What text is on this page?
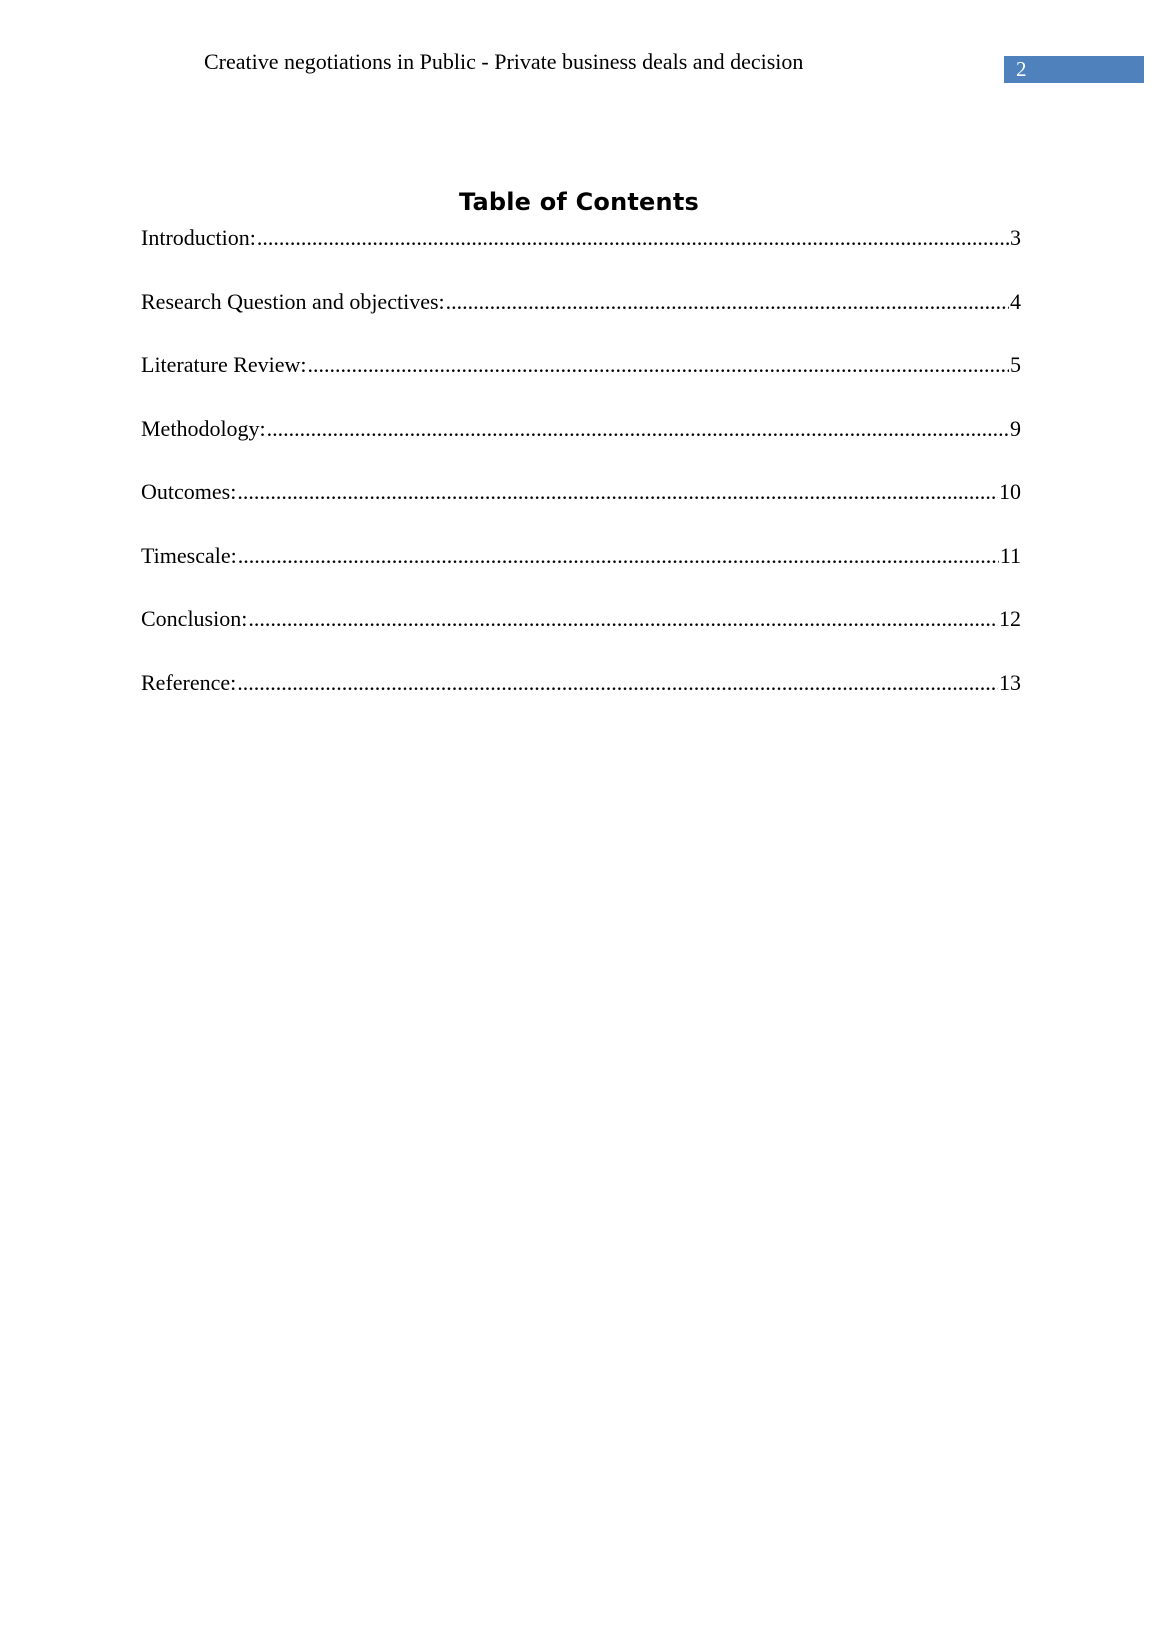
Creative negotiations in Public - Private business deals and decision	2
Table of Contents
Introduction: .....	3
Research Question and objectives: .....	4
Literature Review: .....	5
Methodology: .....	9
Outcomes: .....	10
Timescale: .....	11
Conclusion: .....	12
Reference: .....	13
